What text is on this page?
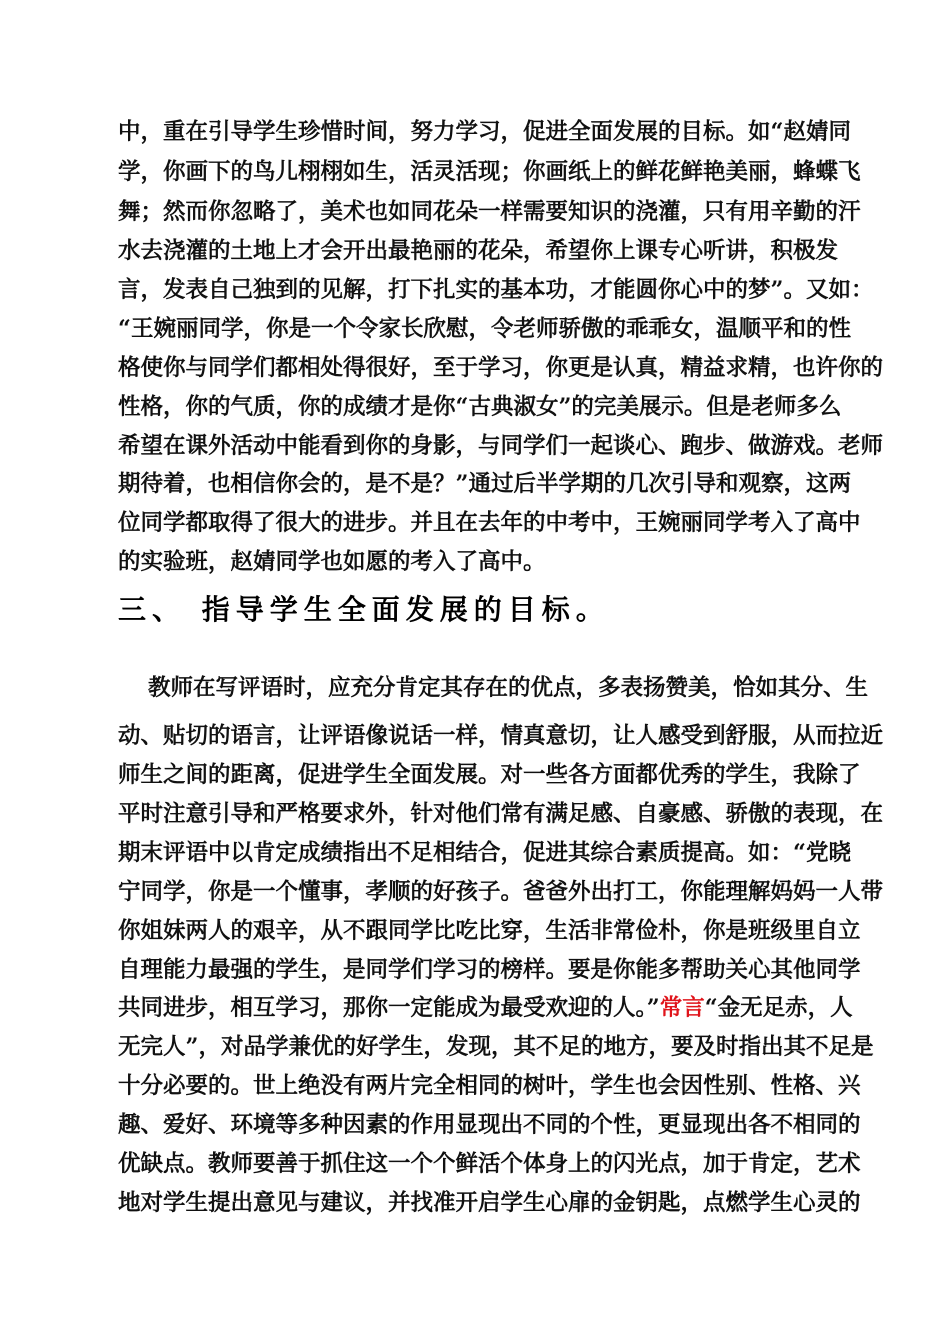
中，重在引导学生珍惜时间，努力学习，促进全面发展的目标。如“赵婧同
学，你画下的鸟儿栩栩如生，活灵活现；你画纸上的鲜花鲜艳美丽，蜂蝶飞
舞；然而你忽略了，美术也如同花朵一样需要知识的浇灌，只有用辛勤的汗
水去浇灌的土地上才会开出最艳丽的花朵，希望你上课专心听讲，积极发
言，发表自己独到的见解，打下扎实的基本功，才能圆你心中的梦”。又如：
“王婉丽同学，你是一个令家长欣慰，令老师骄傲的乖乖女，温顺平和的性
格使你与同学们都相处得很好，至于学习，你更是认真，精益求精，也许你的
性格，你的气质，你的成绩才是你“古典淑女”的完美展示。但是老师多么
希望在课外活动中能看到你的身影，与同学们一起谈心、跑步、做游戏。老师
期待着，也相信你会的，是不是？”通过后半学期的几次引导和观察，这两
位同学都取得了很大的进步。并且在去年的中考中，王婉丽同学考入了高中
的实验班，赵婧同学也如愿的考入了高中。
三、 指导学生全面发展的目标。
教师在写评语时，应充分肯定其存在的优点，多表扬赞美，恰如其分、生
动、贴切的语言，让评语像说话一样，情真意切，让人感受到舒服，从而拉近
师生之间的距离，促进学生全面发展。对一些各方面都优秀的学生，我除了
平时注意引导和严格要求外，针对他们常有满足感、自豪感、骄傲的表现，在
期末评语中以肯定成绩指出不足相结合，促进其综合素质提高。如：“党晓
宁同学，你是一个懂事，孝顺的好孩子。爸爸外出打工，你能理解妈妈一人带
你姐妹两人的艰辛，从不跟同学比吃比穿，生活非常俭朴，你是班级里自立
自理能力最强的学生，是同学们学习的榜样。要是你能多帮助关心其他同学
共同进步，相互学习，那你一定能成为最受欢迎的人。”常言“金无足赤，人
无完人”，对品学兼优的好学生，发现，其不足的地方，要及时指出其不足是
十分必要的。世上绝没有两片完全相同的树叶，学生也会因性别、性格、兴
趣、爱好、环境等多种因素的作用显现出不同的个性，更显现出各不相同的
优缺点。教师要善于抓住这一个个鲜活个体身上的闪光点，加于肯定，艺术
地对学生提出意见与建议，并找准开启学生心扉的金钥匙，点燃学生心灵的
